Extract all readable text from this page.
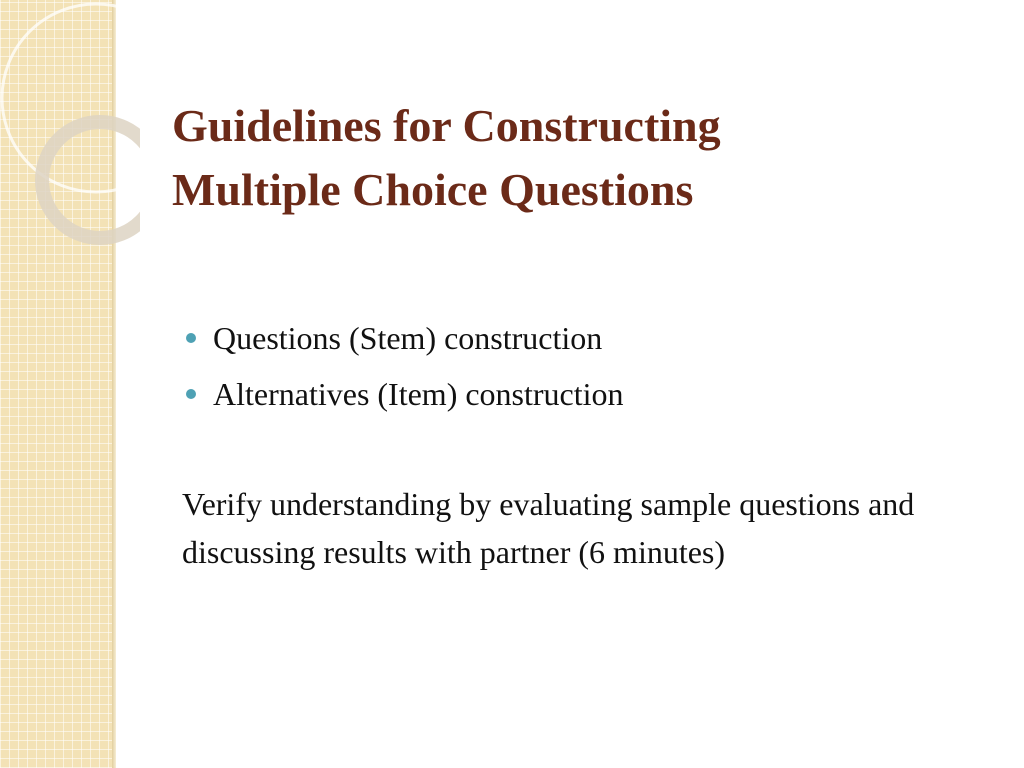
Guidelines for Constructing
Multiple Choice Questions
Questions (Stem) construction
Alternatives (Item) construction

Verify understanding by evaluating sample questions and discussing results with partner (6 minutes)
